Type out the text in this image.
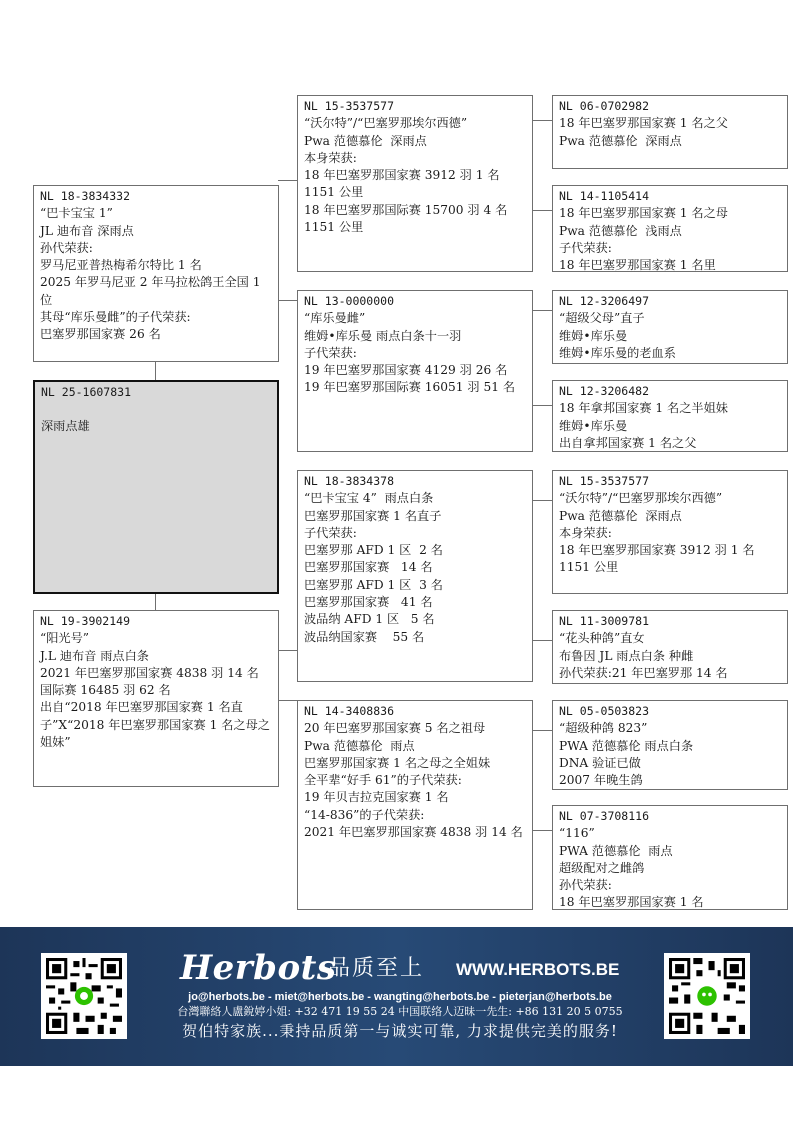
NL 18-3834332
“巴卡宝宝 1”
JL 迪布音 深雨点
孙代荣获:
罗马尼亚普热梅希尔特比 1 名
2025 年罗马尼亚 2 年马拉松鸽王全国 1 位
其母“库乐曼雌”的子代荣获:
巴塞罗那国家赛 26 名
NL 25-1607831
深雨点雄
NL 19-3902149
“阳光号”
J.L 迪布音 雨点白条
2021 年巴塞罗那国家赛 4838 羽 14 名
国际赛 16485 羽 62 名
出自“2018 年巴塞罗那国家赛 1 名直子”X“2018 年巴塞罗那国家赛 1 名之母之姐妹”
NL 15-3537577
“沃尔特”/“巴塞罗那埃尔西德”
Pwa 范德慕伦  深雨点
本身荣获:
18 年巴塞罗那国家赛 3912 羽 1 名 1151 公里
18 年巴塞罗那国际赛 15700 羽 4 名 1151 公里
NL 13-0000000
“库乐曼雌”
维姆•库乐曼 雨点白条十一羽
子代荣获:
19 年巴塞罗那国家赛 4129 羽 26 名
19 年巴塞罗那国际赛 16051 羽 51 名
NL 18-3834378
“巴卡宝宝 4”  雨点白条
巴塞罗那国家赛 1 名直子
子代荣获:
巴塞罗那 AFD 1 区  2 名
巴塞罗那国家赛   14 名
巴塞罗那 AFD 1 区  3 名
巴塞罗那国家赛   41 名
波品纳 AFD 1 区   5 名
波品纳国家赛    55 名
NL 14-3408836
20 年巴塞罗那国家赛 5 名之祖母
Pwa 范德慕伦  雨点
巴塞罗那国家赛 1 名之母之全姐妹
全平辈“好手 61”的子代荣获:
19 年贝吉拉克国家赛 1 名
“14-836”的子代荣获:
2021 年巴塞罗那国家赛 4838 羽 14 名
NL 06-0702982
18 年巴塞罗那国家赛 1 名之父
Pwa 范德慕伦  深雨点
NL 14-1105414
18 年巴塞罗那国家赛 1 名之母
Pwa 范德慕伦  浅雨点
子代荣获:
18 年巴塞罗那国家赛 1 名里
NL 12-3206497
“超级父母”直子
维姆•库乐曼
维姆•库乐曼的老血系
NL 12-3206482
18 年拿邦国家赛 1 名之半姐妹
维姆•库乐曼
出自拿邦国家赛 1 名之父
NL 15-3537577
“沃尔特”/“巴塞罗那埃尔西德”
Pwa 范德慕伦  深雨点
本身荣获:
18 年巴塞罗那国家赛 3912 羽 1 名 1151 公里
NL 11-3009781
“花头种鸽”直女
布鲁因 JL 雨点白条 种雌
孙代荣获:21 年巴塞罗那 14 名
NL 05-0503823
“超级种鸽 823”
PWA 范德慕伦 雨点白条
DNA 验证已做
2007 年晚生鸽
NL 07-3708116
“116”
PWA 范德慕伦  雨点
超级配对之雌鸽
孙代荣获:
18 年巴塞罗那国家赛 1 名
Herbots
品质至上 WWW.HERBOTS.BE
jo@herbots.be - miet@herbots.be - wangting@herbots.be - pieterjan@herbots.be
台灣聯絡人盧銳婷小姐: +32 471 19 55 24 中国联络人迈昧一先生: +86 131 20 5 0755
贺伯特家族...秉持品质第一与诚实可靠, 力求提供完美的服务!
